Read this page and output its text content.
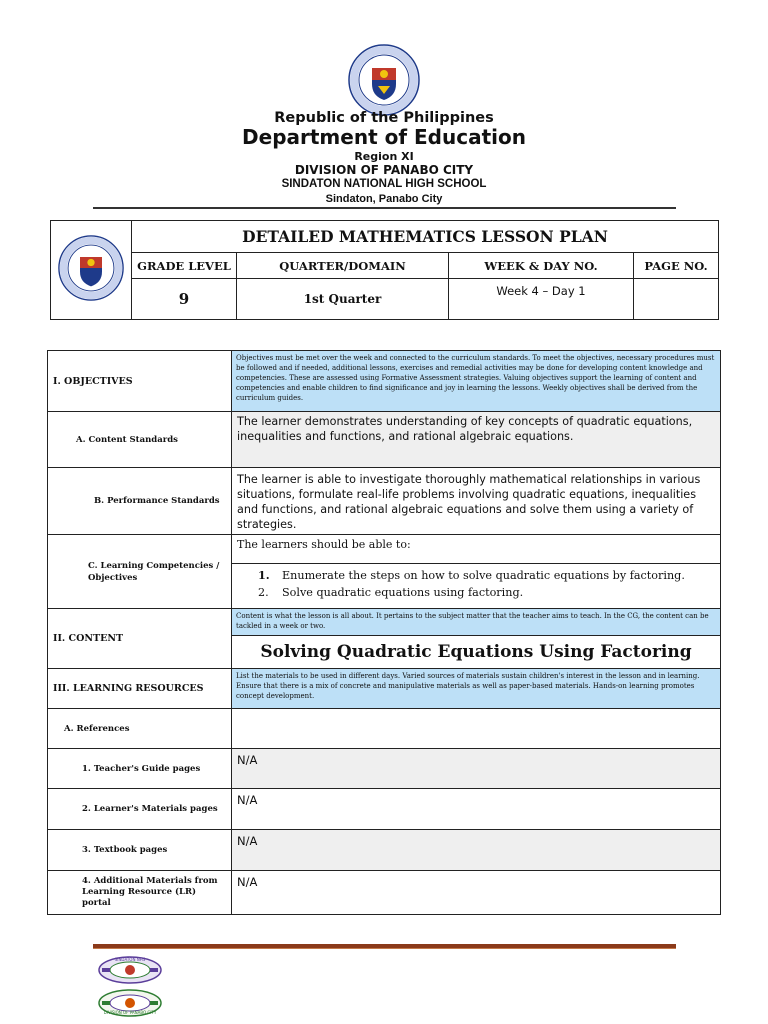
Republic of the Philippines
Department of Education
Region XI
DIVISION OF PANABO CITY
SINDATON NATIONAL HIGH SCHOOL
Sindaton, Panabo City
	DETAILED MATHEMATICS LESSON PLAN			
	GRADE LEVEL	QUARTER/DOMAIN	WEEK & DAY NO.	PAGE NO.
	9	1st Quarter	Week 4 – Day 1	
I. OBJECTIVES	Objectives must be met over the week and connected to the curriculum standards. To meet the objectives, necessary procedures must be followed and if needed, additional lessons, exercises and remedial activities may be done for developing content knowledge and competencies. These are assessed using Formative Assessment strategies. Valuing objectives support the learning of content and competencies and enable children to find significance and joy in learning the lessons. Weekly objectives shall be derived from the curriculum guides.
A. Content Standards	The learner demonstrates understanding of key concepts of quadratic equations, inequalities and functions, and rational algebraic equations.
B. Performance Standards	The learner is able to investigate thoroughly mathematical relationships in various situations, formulate real-life problems involving quadratic equations, inequalities and functions, and rational algebraic equations and solve them using a variety of strategies.
C. Learning Competencies / Objectives	The learners should be able to:

	1. Enumerate the steps on how to solve quadratic equations by factoring.
2. Solve quadratic equations using factoring.

II. CONTENT	Content is what the lesson is all about. It pertains to the subject matter that the teacher aims to teach. In the CG, the content can be tackled in a week or two.
	Solving Quadratic Equations Using Factoring
III. LEARNING RESOURCES	List the materials to be used in different days. Varied sources of materials sustain children's interest in the lesson and in learning. Ensure that there is a mix of concrete and manipulative materials as well as paper-based materials. Hands-on learning promotes concept development.
A. References	
1. Teacher's Guide pages	N/A
2. Learner's Materials pages	N/A
3. Textbook pages	N/A

4. Additional Materials from Learning Resource (LR) portal	N/A
SINDATON NHS
DIVISION OF PANABO CITY
